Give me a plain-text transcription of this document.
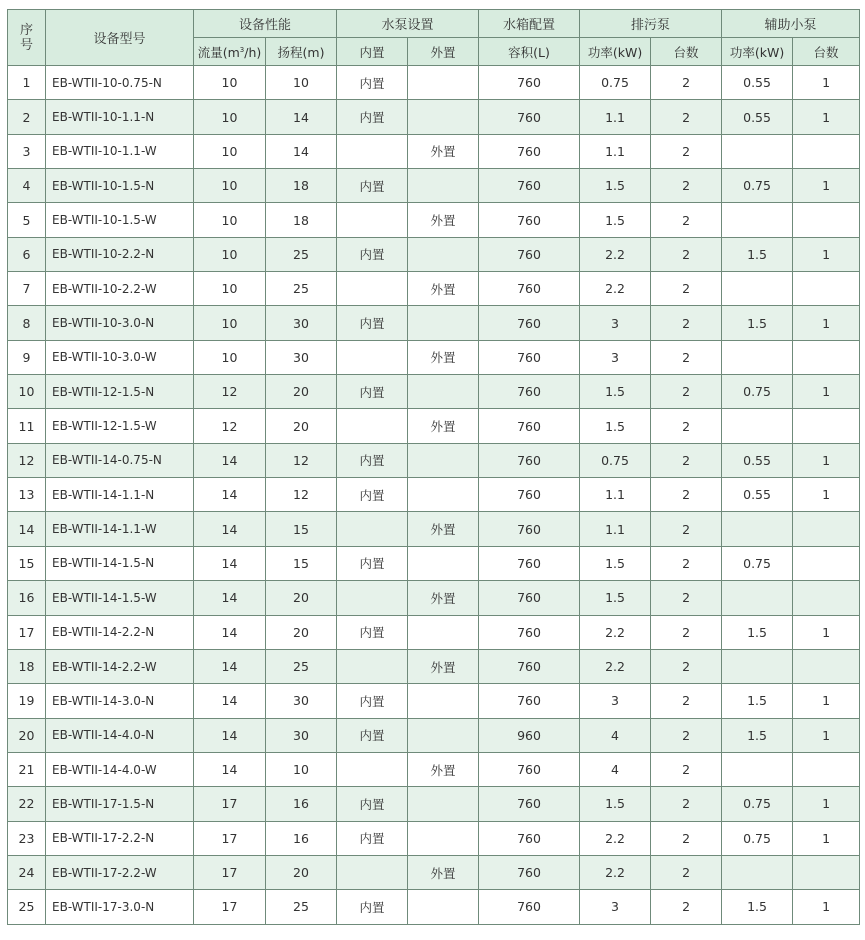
序
号	设备型号	设备性能		水泵设置		水箱配置	排污泵		辅助小泵	
		流量$(m^3/h)$	扬程(m)	内置	外置	容积(L)	功率(kW)	台数	功率(kW)	台数
1	EB-WTII-10-0.75-N	10	10	内置		760	0.75	2	0.55	1
2	EB-WTII-10-1.1-N	10	14	内置		760	1.1	2	0.55	1
3	EB-WTII-10-1.1-W	10	14		外置	760	1.1	2		
4	EB-WTII-10-1.5-N	10	18	内置		760	1.5	2	0.75	1
5	EB-WTII-10-1.5-W	10	18		外置	760	1.5	2		
6	EB-WTII-10-2.2-N	10	25	内置		760	2.2	2	1.5	1
7	EB-WTII-10-2.2-W	10	25		外置	760	2.2	2		
8	EB-WTII-10-3.0-N	10	30	内置		760	3	2	1.5	1
9	EB-WTII-10-3.0-W	10	30		外置	760	3	2		
10	EB-WTII-12-1.5-N	12	20	内置		760	1.5	2	0.75	1
11	EB-WTII-12-1.5-W	12	20		外置	760	1.5	2		
12	EB-WTII-14-0.75-N	14	12	内置		760	0.75	2	0.55	1
13	EB-WTII-14-1.1-N	14	12	内置		760	1.1	2	0.55	1
14	EB-WTII-14-1.1-W	14	15		外置	760	1.1	2		
15	EB-WTII-14-1.5-N	14	15	内置		760	1.5	2	0.75	
16	EB-WTII-14-1.5-W	14	20		外置	760	1.5	2		
17	EB-WTII-14-2.2-N	14	20	内置		760	2.2	2	1.5	1
18	EB-WTII-14-2.2-W	14	25		外置	760	2.2	2		
19	EB-WTII-14-3.0-N	14	30	内置		760	3	2	1.5	1
20	EB-WTII-14-4.0-N	14	30	内置		960	4	2	1.5	1
21	EB-WTII-14-4.0-W	14	10		外置	760	4	2		
22	EB-WTII-17-1.5-N	17	16	内置		760	1.5	2	0.75	1
23	EB-WTII-17-2.2-N	17	16	内置		760	2.2	2	0.75	1
24	EB-WTII-17-2.2-W	17	20		外置	760	2.2	2		
25	EB-WTII-17-3.0-N	17	25	内置		760	3	2	1.5	1
